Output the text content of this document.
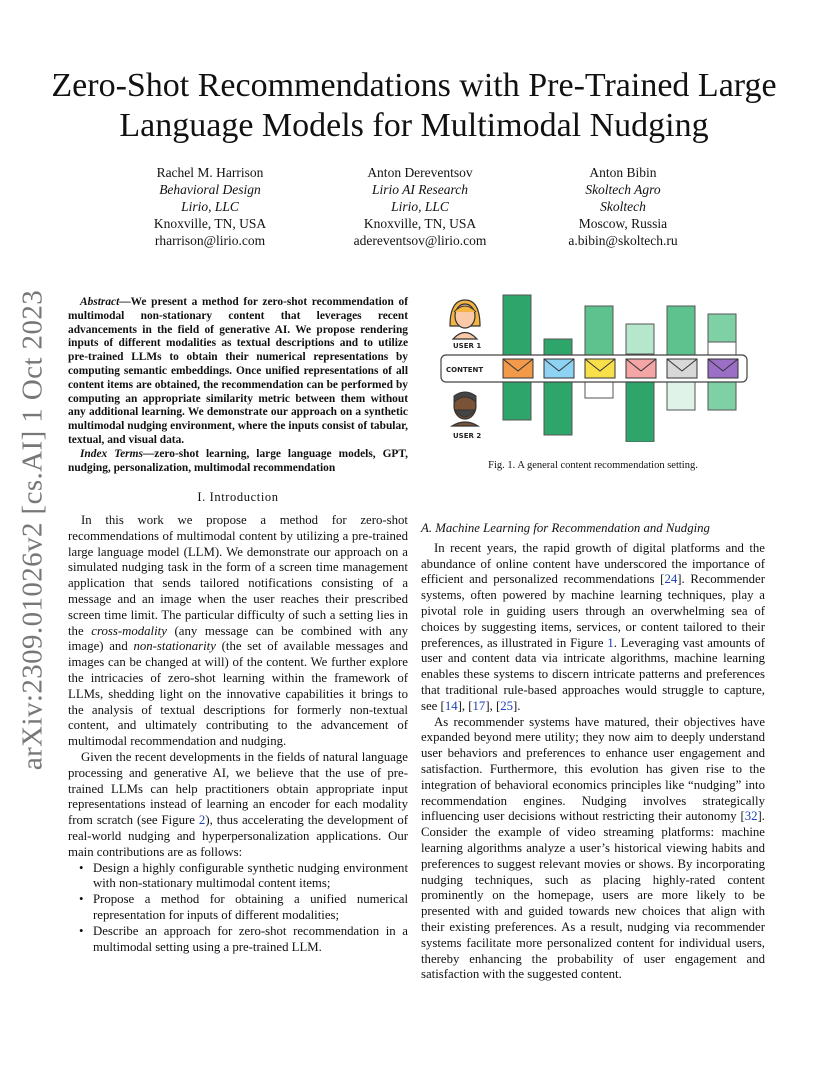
Zero-Shot Recommendations with Pre-Trained Large
Language Models for Multimodal Nudging
Rachel M. Harrison
Behavioral Design
Lirio, LLC
Knoxville, TN, USA
rharrison@lirio.com
Anton Dereventsov
Lirio AI Research
Lirio, LLC
Knoxville, TN, USA
adereventsov@lirio.com
Anton Bibin
Skoltech Agro
Skoltech
Moscow, Russia
a.bibin@skoltech.ru
arXiv:2309.01026v2 [cs.AI] 1 Oct 2023	Abstract—We present a method for zero-shot recommendation of multimodal non-stationary content that leverages recent advancements in the field of generative AI. We propose rendering inputs of different modalities as textual descriptions and to utilize pre-trained LLMs to obtain their numerical representations by computing semantic embeddings. Once unified representations of all content items are obtained, the recommendation can be performed by computing an appropriate similarity metric between them without any additional learning. We demonstrate our approach on a synthetic multimodal nudging environment, where the inputs consist of tabular, textual, and visual data.

Index Terms—zero-shot learning, large language models, GPT, nudging, personalization, multimodal recommendation

I. Introduction

In this work we propose a method for zero-shot recommendations of multimodal content by utilizing a pre-trained large language model (LLM). We demonstrate our approach on a simulated nudging task in the form of a screen time management application that sends tailored notifications consisting of a message and an image when the user reaches their prescribed screen time limit. The particular difficulty of such a setting lies in the cross-modality (any message can be combined with any image) and non-stationarity (the set of available messages and images can be changed at will) of the content. We further explore the intricacies of zero-shot learning within the framework of LLMs, shedding light on the innovative capabilities it brings to the analysis of textual descriptions for formerly non-textual content, and ultimately contributing to the advancement of multimodal recommendation and nudging.

Given the recent developments in the fields of natural language processing and generative AI, we believe that the use of pre-trained LLMs can help practitioners obtain appropriate input representations instead of learning an encoder for each modality from scratch (see Figure 2), thus accelerating the development of real-world nudging and hyperpersonalization applications. Our main contributions are as follows:

• Design a highly configurable synthetic nudging environment with non-stationary multimodal content items;
• Propose a method for obtaining a unified numerical representation for inputs of different modalities;
• Describe an approach for zero-shot recommendation in a multimodal setting using a pre-trained LLM.
USER 1
CONTENT
USER 2
Fig. 1. A general content recommendation setting.

A. Machine Learning for Recommendation and Nudging

In recent years, the rapid growth of digital platforms and the abundance of online content have underscored the importance of efficient and personalized recommendations [24]. Recommender systems, often powered by machine learning techniques, play a pivotal role in guiding users through an overwhelming sea of choices by suggesting items, services, or content tailored to their preferences, as illustrated in Figure 1. Leveraging vast amounts of user and content data via intricate algorithms, machine learning enables these systems to discern intricate patterns and preferences that traditional rule-based approaches would struggle to capture, see [14], [17], [25].

As recommender systems have matured, their objectives have expanded beyond mere utility; they now aim to deeply understand user behaviors and preferences to enhance user engagement and satisfaction. Furthermore, this evolution has given rise to the integration of behavioral economics principles like “nudging” into recommendation engines. Nudging involves strategically influencing user decisions without restricting their autonomy [32]. Consider the example of video streaming platforms: machine learning algorithms analyze a user’s historical viewing habits and preferences to suggest relevant movies or shows. By incorporating nudging techniques, such as placing highly-rated content prominently on the homepage, users are more likely to be presented with and guided towards new choices that align with their existing preferences. As a result, nudging via recommender systems facilitate more personalized content for individual users, thereby enhancing the probability of user engagement and satisfaction with the suggested content.
